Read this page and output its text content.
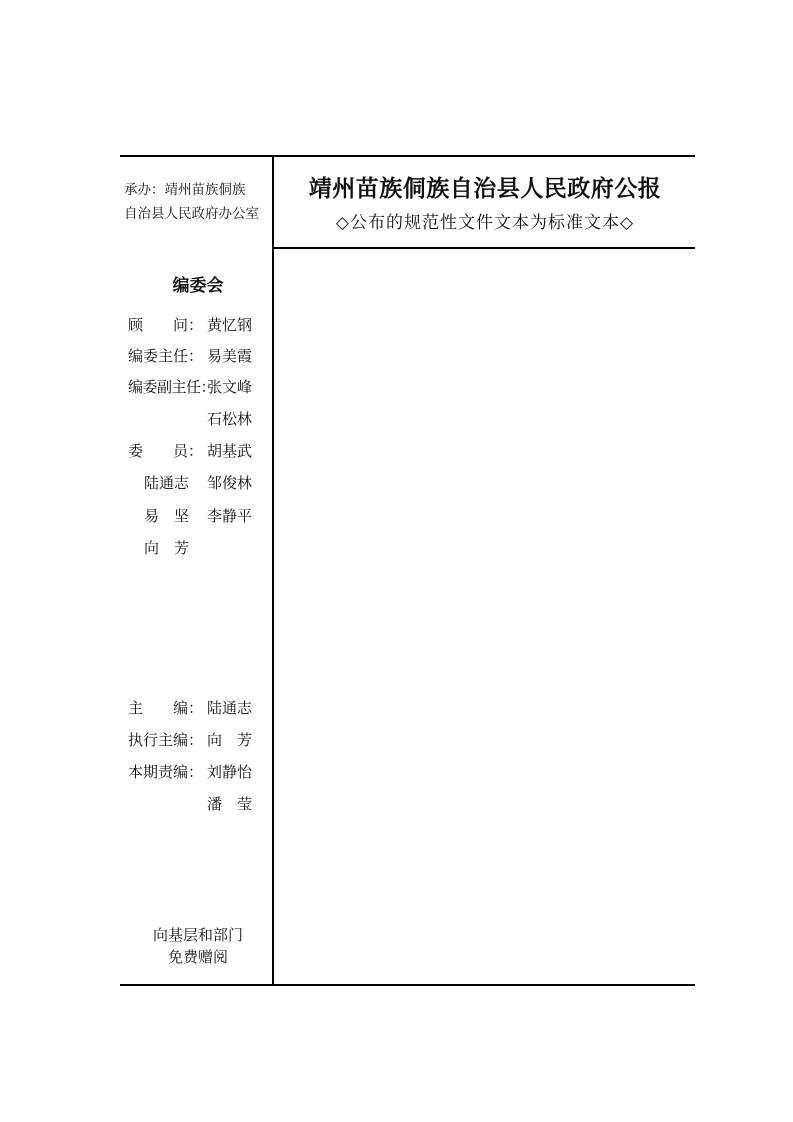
承办：靖州苗族侗族
自治县人民政府办公室
靖州苗族侗族自治县人民政府公报
◇公布的规范性文件文本为标准文本◇
编委会
顾　　问： 黄忆钢
编委主任： 易美霞
编委副主任：
张文峰
石松林
委　　员： 胡基武
陆通志 邹俊林
易　坚 李静平
向　芳
主　　编： 陆通志
执行主编： 向　芳
本期责编： 刘静怡
潘　莹
向基层和部门
免费赠阅
